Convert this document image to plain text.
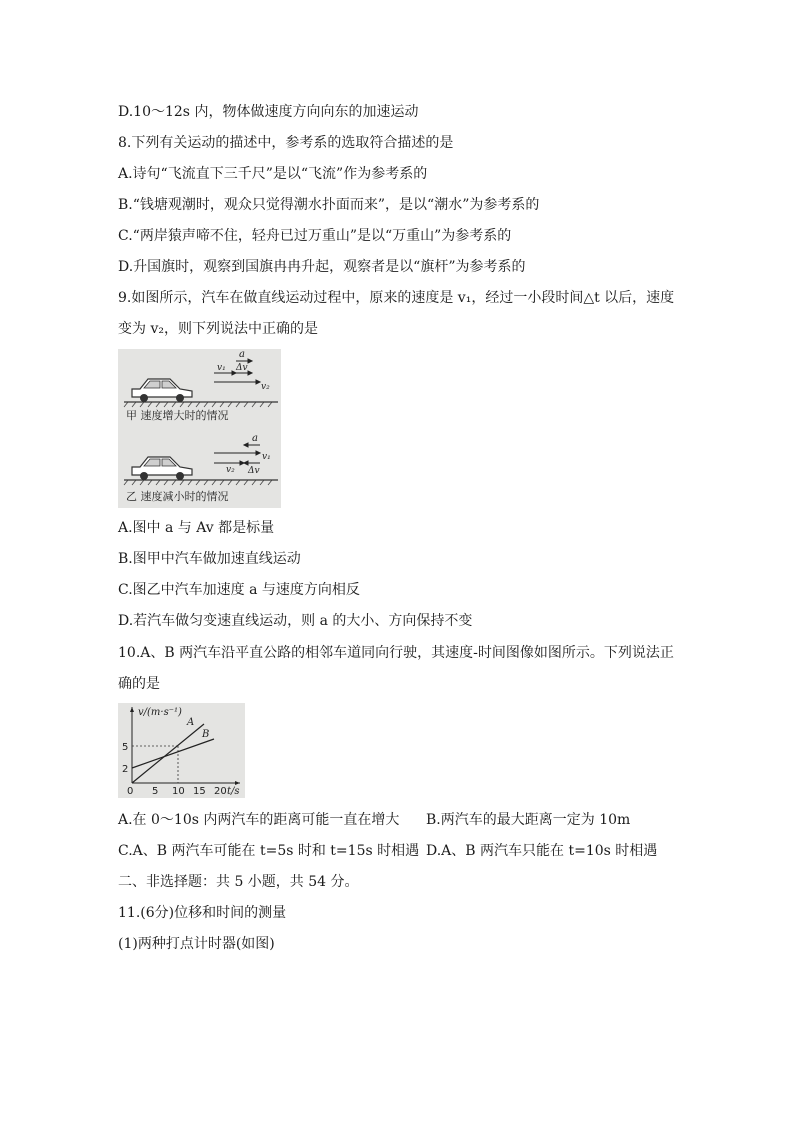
D.10～12s 内，物体做速度方向向东的加速运动
8.下列有关运动的描述中，参考系的选取符合描述的是
A.诗句“飞流直下三千尺”是以“飞流”作为参考系的
B.“钱塘观潮时，观众只觉得潮水扑面而来”，是以“潮水”为参考系的
C.“两岸猿声啼不住，轻舟已过万重山”是以“万重山”为参考系的
D.升国旗时，观察到国旗冉冉升起，观察者是以“旗杆”为参考系的
9.如图所示，汽车在做直线运动过程中，原来的速度是 v₁，经过一小段时间△t 以后，速度
变为 v₂，则下列说法中正确的是
a
v₁ Δv
v₂
甲 速度增大时的情况
a
v₁
v₂ Δv
乙 速度减小时的情况
A.图中 a 与 Av 都是标量
B.图甲中汽车做加速直线运动
C.图乙中汽车加速度 a 与速度方向相反
D.若汽车做匀变速直线运动，则 a 的大小、方向保持不变
10.A、B 两汽车沿平直公路的相邻车道同向行驶，其速度-时间图像如图所示。下列说法正
确的是
v/(m·s⁻¹)
A
B
5
2
0 5 10 15 20 t/s
A.在 0～10s 内两汽车的距离可能一直在增大 B.两汽车的最大距离一定为 10m
C.A、B 两汽车可能在 t=5s 时和 t=15s 时相遇 D.A、B 两汽车只能在 t=10s 时相遇
二、非选择题：共 5 小题，共 54 分。
11.(6分)位移和时间的测量
(1)两种打点计时器(如图)
